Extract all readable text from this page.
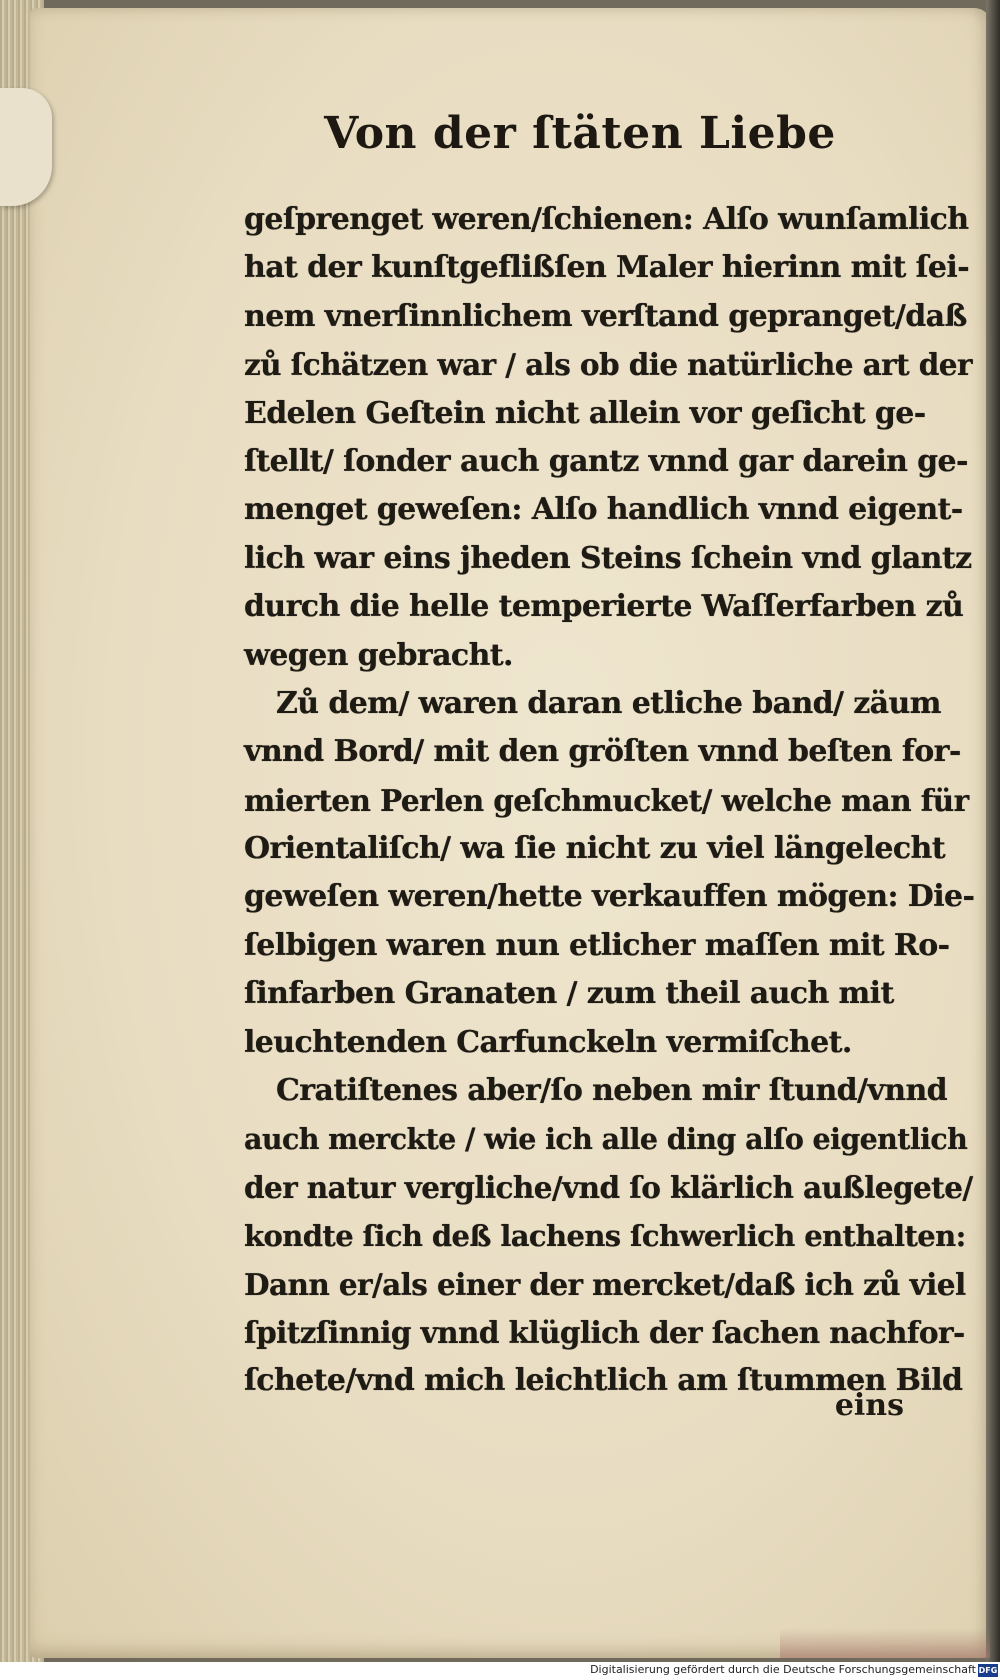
Von der ſtäten Liebe
geſprenget weren/ſchienen: Alſo wunſamlich
hat der kunſtgeflißſen Maler hierinn mit ſei-
nem vnerſinnlichem verſtand gepranget/daß
zů ſchätzen war / als ob die natürliche art der
Edelen Geſtein nicht allein vor geſicht ge-
ſtellt/ ſonder auch gantz vnnd gar darein ge-
menget geweſen: Alſo handlich vnnd eigent-
lich war eins jheden Steins ſchein vnd glantz
durch die helle temperierte Waſſerfarben zů
wegen gebracht.
Zů dem/ waren daran etliche band/ zäum
vnnd Bord/ mit den gröſten vnnd beſten for-
mierten Perlen geſchmucket/ welche man für
Orientaliſch/ wa ſie nicht zu viel längelecht
geweſen weren/hette verkauffen mögen: Die-
ſelbigen waren nun etlicher maſſen mit Ro-
ſinfarben Granaten / zum theil auch mit
leuchtenden Carfunckeln vermiſchet.
Cratiſtenes aber/ſo neben mir ſtund/vnnd
auch merckte / wie ich alle ding alſo eigentlich
der natur vergliche/vnd ſo klärlich außlegete/
kondte ſich deß lachens ſchwerlich enthalten:
Dann er/als einer der mercket/daß ich zů viel
ſpitzſinnig vnnd klüglich der ſachen nachfor-
ſchete/vnd mich leichtlich am ſtummen Bild
eins
Digitalisierung gefördert durch die Deutsche Forschungsgemeinschaft DFG
